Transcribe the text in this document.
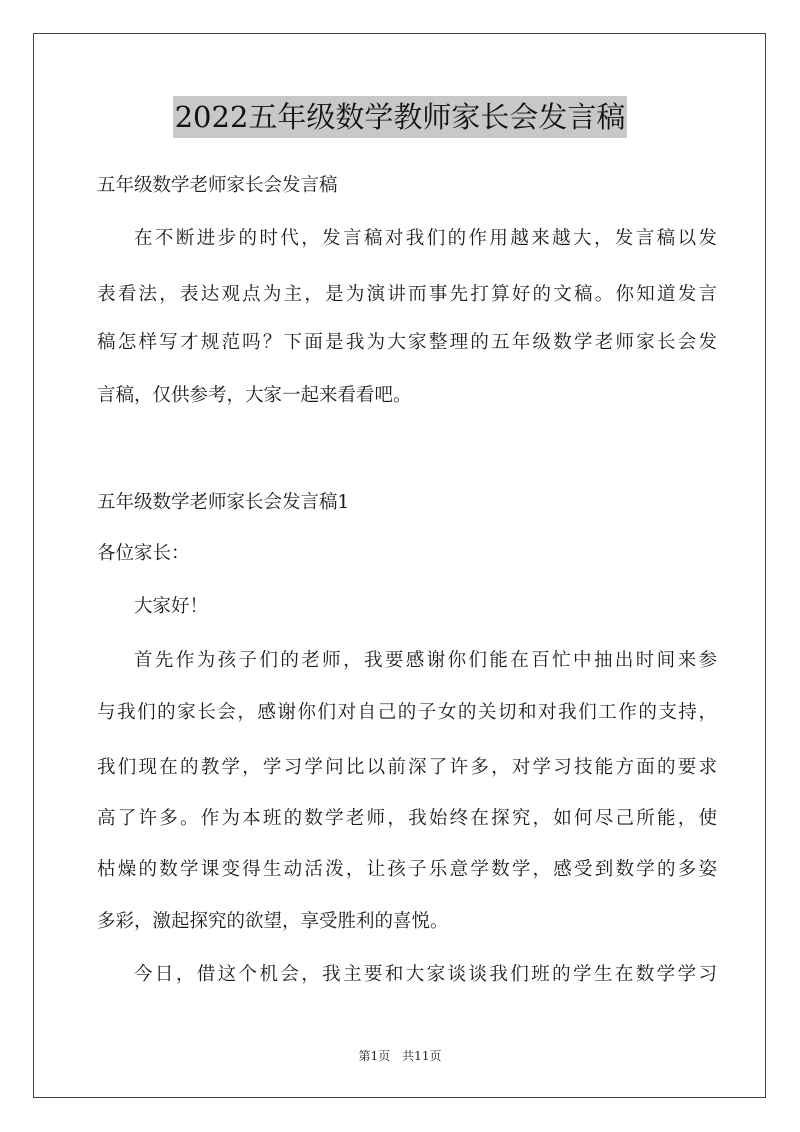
2022五年级数学教师家长会发言稿
五年级数学老师家长会发言稿
在不断进步的时代，发言稿对我们的作用越来越大，发言稿以发
表看法，表达观点为主，是为演讲而事先打算好的文稿。你知道发言
稿怎样写才规范吗？下面是我为大家整理的五年级数学老师家长会发
言稿，仅供参考，大家一起来看看吧。
五年级数学老师家长会发言稿1
各位家长：
大家好！
首先作为孩子们的老师，我要感谢你们能在百忙中抽出时间来参
与我们的家长会，感谢你们对自己的子女的关切和对我们工作的支持，
我们现在的教学，学习学问比以前深了许多，对学习技能方面的要求
高了许多。作为本班的数学老师，我始终在探究，如何尽己所能，使
枯燥的数学课变得生动活泼，让孩子乐意学数学，感受到数学的多姿
多彩，激起探究的欲望，享受胜利的喜悦。
今日，借这个机会，我主要和大家谈谈我们班的学生在数学学习
第1页　共11页
